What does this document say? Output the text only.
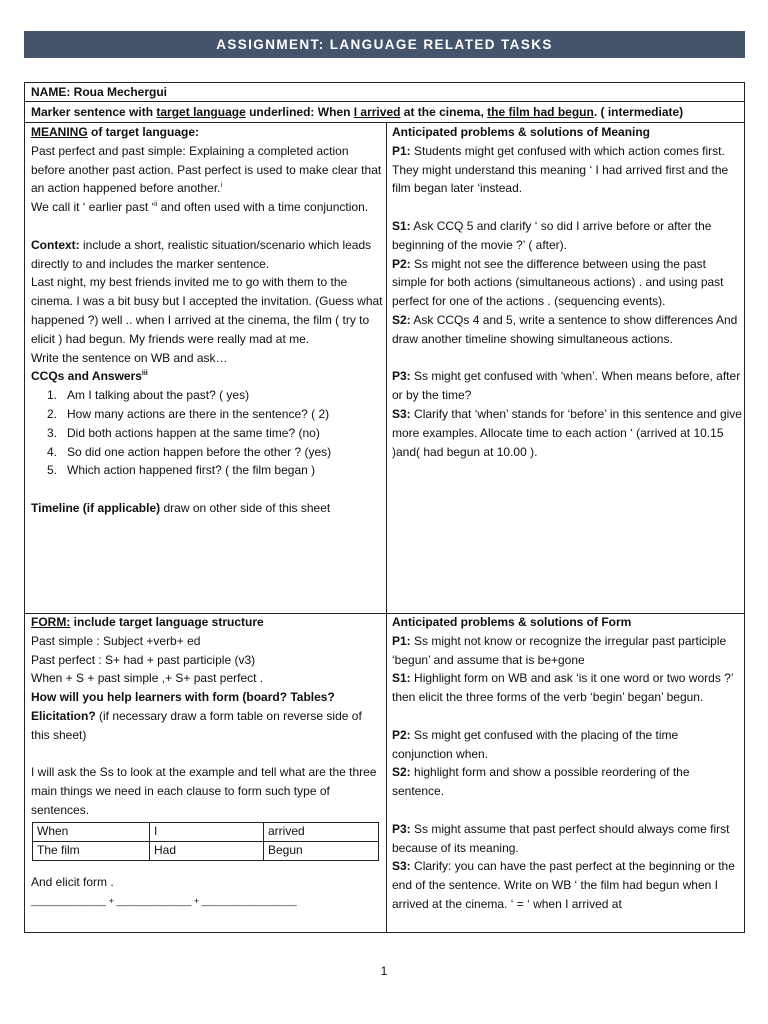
ASSIGNMENT: LANGUAGE RELATED TASKS
NAME: Roua Mechergui
Marker sentence with target language underlined: When I arrived at the cinema, the film had begun. ( intermediate)

MEANING of target language:

Past perfect and past simple: Explaining a completed action before another past action. Past perfect is used to make clear that an action happened before another.$^i$

We call it ‘ earlier past ‘$^{ii}$ and often used with a time conjunction.

Context: include a short, realistic situation/scenario which leads directly to and includes the marker sentence.

Last night, my best friends invited me to go with them to the cinema. I was a bit busy but I accepted the invitation. (Guess what happened ?) well .. when I arrived at the cinema, the film ( try to elicit ) had begun. My friends were really mad at me.

Write the sentence on WB and ask…

CCQs and Answers$^{iii}$

1. Am I talking about the past? ( yes)
2. How many actions are there in the sentence? ( 2)
3. Did both actions happen at the same time? (no)
4. So did one action happen before the other ? (yes)
5. Which action happened first? ( the film began )

Timeline (if applicable) draw on other side of this sheet

Anticipated problems & solutions of Meaning

P1: Students might get confused with which action comes first. They might understand this meaning ‘ I had arrived first and the film began later ‘instead.

S1: Ask CCQ 5 and clarify ‘ so did I arrive before or after the beginning of the movie ?’ ( after).

P2: Ss might not see the difference between using the past simple for both actions (simultaneous actions) . and using past perfect for one of the actions . (sequencing events).

S2: Ask CCQs 4 and 5, write a sentence to show differences And draw another timeline showing simultaneous actions.

P3: Ss might get confused with ‘when’. When means before, after or by the time?

S3: Clarify that ‘when’ stands for ‘before’ in this sentence and give more examples. Allocate time to each action ‘ (arrived at 10.15 )and( had begun at 10.00 ).

FORM: include target language structure

Past simple : Subject +verb+ ed

Past perfect : S+ had + past participle (v3)

When + S + past simple ,+ S+ past perfect .

How will you help learners with form (board? Tables? Elicitation? (if necessary draw a form table on reverse side of this sheet)

I will ask the Ss to look at the example and tell what are the three main things we need in each clause to form such type of sentences.

When	I	arrived
The film	Had	Begun

And elicit form .

_______________ + _______________ + ___________________

Anticipated problems & solutions of Form

P1: Ss might not know or recognize the irregular past participle ‘begun’ and assume that is be+gone

S1: Highlight form on WB and ask ‘is it one word or two words ?’ then elicit the three forms of the verb ‘begin’ began’ begun.

P2: Ss might get confused with the placing of the time conjunction when.

S2: highlight form and show a possible reordering of the sentence.

P3: Ss might assume that past perfect should always come first because of its meaning.

S3: Clarify: you can have the past perfect at the beginning or the end of the sentence. Write on WB ‘ the film had begun when I arrived at the cinema. ‘ = ‘ when I arrived at

1
